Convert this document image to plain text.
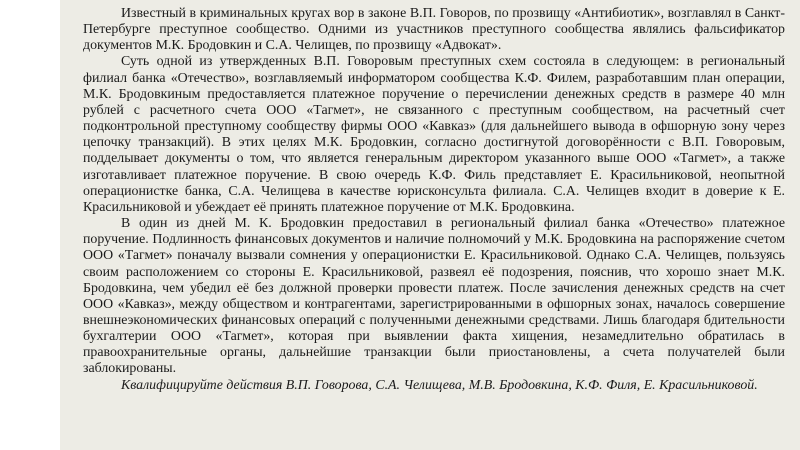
Известный в криминальных кругах вор в законе В.П. Говоров, по прозвищу «Антибиотик», возглавлял в Санкт-Петербурге преступное сообщество. Одними из участников преступного сообщества являлись фальсификатор документов М.К. Бродовкин и С.А. Челищев, по прозвищу «Адвокат».

Суть одной из утвержденных В.П. Говоровым преступных схем состояла в следующем: в региональный филиал банка «Отечество», возглавляемый информатором сообщества К.Ф. Филем, разработавшим план операции, М.К. Бродовкиным предоставляется платежное поручение о перечислении денежных средств в размере 40 млн рублей с расчетного счета ООО «Тагмет», не связанного с преступным сообществом, на расчетный счет подконтрольной преступному сообществу фирмы ООО «Кавказ» (для дальнейшего вывода в офшорную зону через цепочку транзакций). В этих целях М.К. Бродовкин, согласно достигнутой договорённости с В.П. Говоровым, подделывает документы о том, что является генеральным директором указанного выше ООО «Тагмет», а также изготавливает платежное поручение. В свою очередь К.Ф. Филь представляет Е. Красильниковой, неопытной операционистке банка, С.А. Челищева в качестве юрисконсульта филиала. С.А. Челищев входит в доверие к Е. Красильниковой и убеждает её принять платежное поручение от М.К. Бродовкина.

В один из дней М. К. Бродовкин предоставил в региональный филиал банка «Отечество» платежное поручение. Подлинность финансовых документов и наличие полномочий у М.К. Бродовкина на распоряжение счетом ООО «Тагмет» поначалу вызвали сомнения у операционистки Е. Красильниковой. Однако С.А. Челищев, пользуясь своим расположением со стороны Е. Красильниковой, развеял её подозрения, пояснив, что хорошо знает М.К. Бродовкина, чем убедил её без должной проверки провести платеж. После зачисления денежных средств на счет ООО «Кавказ», между обществом и контрагентами, зарегистрированными в офшорных зонах, началось совершение внешнеэкономических финансовых операций с полученными денежными средствами. Лишь благодаря бдительности бухгалтерии ООО «Тагмет», которая при выявлении факта хищения, незамедлительно обратилась в правоохранительные органы, дальнейшие транзакции были приостановлены, а счета получателей были заблокированы.

Квалифицируйте действия В.П. Говорова, С.А. Челищева, М.В. Бродовкина, К.Ф. Филя, Е. Красильниковой.
